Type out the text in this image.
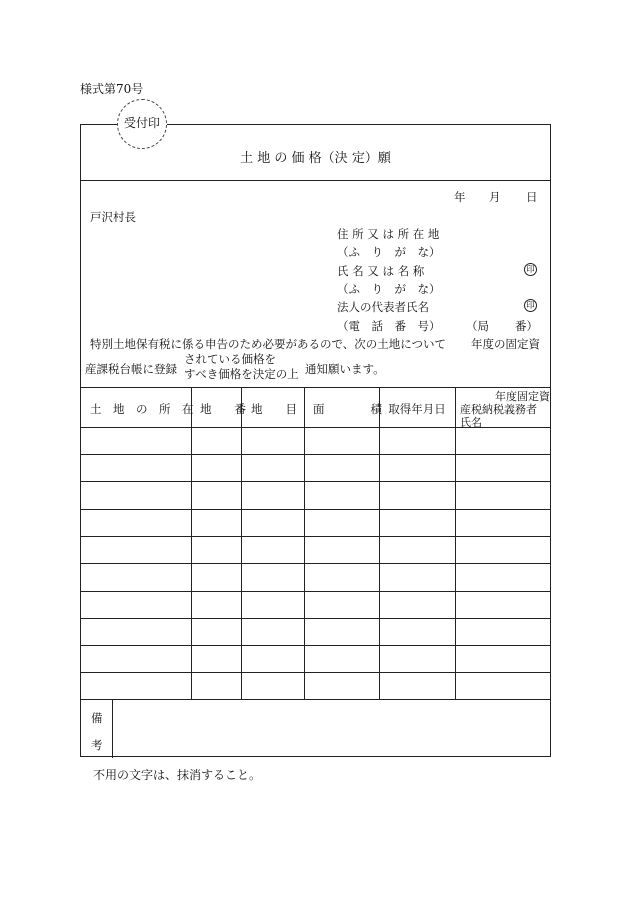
様式第70号
土 地 の 価 格（決 定）願
年 月 日
戸沢村長
住 所 又 は 所 在 地
（ふ　り　が　な）
氏 名 又 は 名 称	印
（ふ　り　が　な）
法人の代表者氏名	印
（電　話　番　号） （局 番）
特別土地保有税に係る申告のため必要があるので、次の土地について 年度の固定資
産課税台帳に登録
されている価格を
すべき価格を決定の上 通知願います。
土　地　の　所　在 地　　番 地　　目 面　　　　積 取得年月日
年度固定資
産税納税義務者
氏名
備
考
受付印
不用の文字は、抹消すること。
